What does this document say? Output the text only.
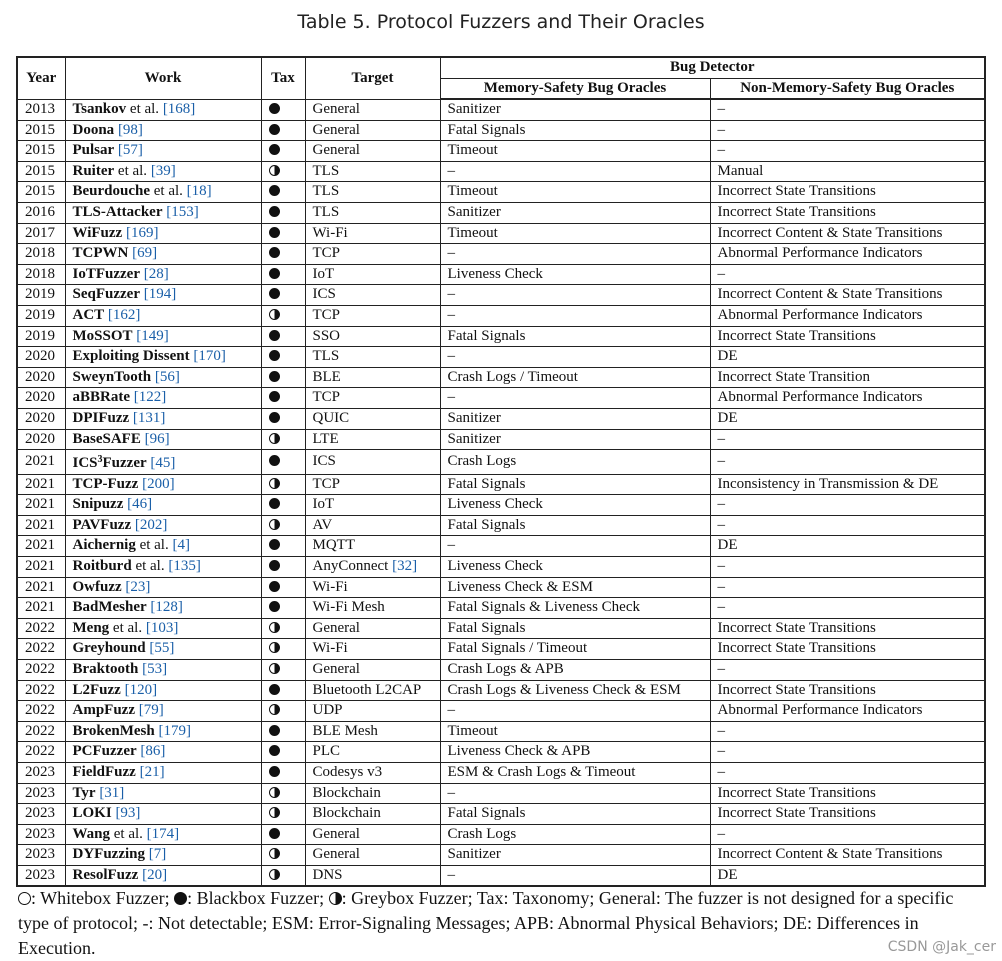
Table 5. Protocol Fuzzers and Their Oracles
Year	Work	Tax	Target	Bug Detector	
				Memory-Safety Bug Oracles	Non-Memory-Safety Bug Oracles
2013	Tsankov et al. [168]		General	Sanitizer	–
2015	Doona [98]		General	Fatal Signals	–
2015	Pulsar [57]		General	Timeout	–
2015	Ruiter et al. [39]		TLS	–	Manual
2015	Beurdouche et al. [18]		TLS	Timeout	Incorrect State Transitions
2016	TLS-Attacker [153]		TLS	Sanitizer	Incorrect State Transitions
2017	WiFuzz [169]		Wi-Fi	Timeout	Incorrect Content & State Transitions
2018	TCPWN [69]		TCP	–	Abnormal Performance Indicators
2018	IoTFuzzer [28]		IoT	Liveness Check	–
2019	SeqFuzzer [194]		ICS	–	Incorrect Content & State Transitions
2019	ACT [162]		TCP	–	Abnormal Performance Indicators
2019	MoSSOT [149]		SSO	Fatal Signals	Incorrect State Transitions
2020	Exploiting Dissent [170]		TLS	–	DE
2020	SweynTooth [56]		BLE	Crash Logs / Timeout	Incorrect State Transition
2020	aBBRate [122]		TCP	–	Abnormal Performance Indicators
2020	DPIFuzz [131]		QUIC	Sanitizer	DE
2020	BaseSAFE [96]		LTE	Sanitizer	–
2021	ICS$^3$Fuzzer [45]		ICS	Crash Logs	–
2021	TCP-Fuzz [200]		TCP	Fatal Signals	Inconsistency in Transmission & DE
2021	Snipuzz [46]		IoT	Liveness Check	–
2021	PAVFuzz [202]		AV	Fatal Signals	–
2021	Aichernig et al. [4]		MQTT	–	DE
2021	Roitburd et al. [135]		AnyConnect [32]	Liveness Check	–
2021	Owfuzz [23]		Wi-Fi	Liveness Check & ESM	–
2021	BadMesher [128]		Wi-Fi Mesh	Fatal Signals & Liveness Check	–
2022	Meng et al. [103]		General	Fatal Signals	Incorrect State Transitions
2022	Greyhound [55]		Wi-Fi	Fatal Signals / Timeout	Incorrect State Transitions
2022	Braktooth [53]		General	Crash Logs & APB	–
2022	L2Fuzz [120]		Bluetooth L2CAP	Crash Logs & Liveness Check & ESM	Incorrect State Transitions
2022	AmpFuzz [79]		UDP	–	Abnormal Performance Indicators
2022	BrokenMesh [179]		BLE Mesh	Timeout	–
2022	PCFuzzer [86]		PLC	Liveness Check & APB	–
2023	FieldFuzz [21]		Codesys v3	ESM & Crash Logs & Timeout	–
2023	Tyr [31]		Blockchain	–	Incorrect State Transitions
2023	LOKI [93]		Blockchain	Fatal Signals	Incorrect State Transitions
2023	Wang et al. [174]		General	Crash Logs	–
2023	DYFuzzing [7]		General	Sanitizer	Incorrect Content & State Transitions
2023	ResolFuzz [20]		DNS	–	DE
: Whitebox Fuzzer; : Blackbox Fuzzer; : Greybox Fuzzer; Tax: Taxonomy; General: The fuzzer is not designed for a specific type of protocol; -: Not detectable; ESM: Error-Signaling Messages; APB: Abnormal Physical Behaviors; DE: Differences in Execution.	CSDN @Jak_cer
